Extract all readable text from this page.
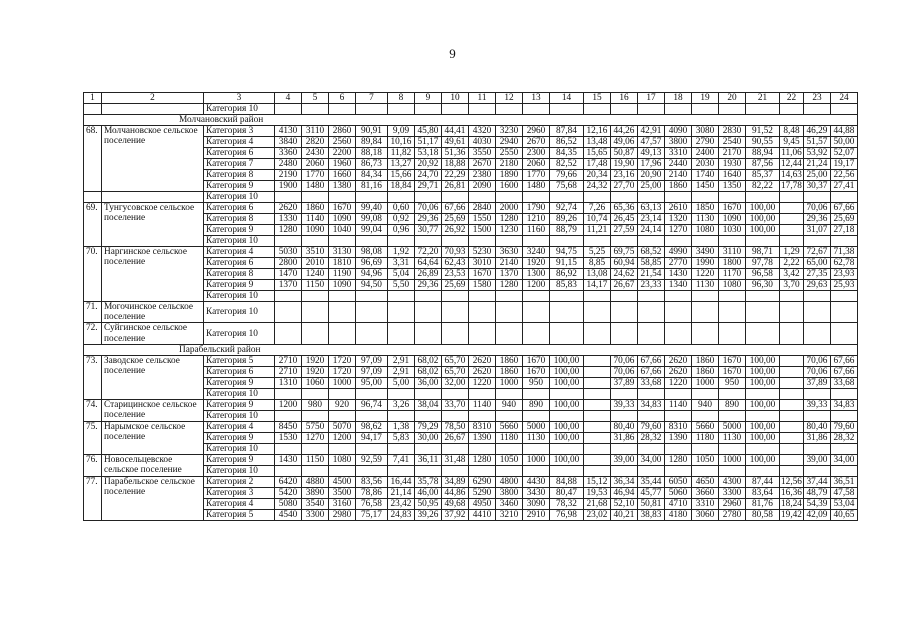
9
1	2	3	4	5	6	7	8	9	10	11	12	13	14	15	16	17	18	19	20	21	22	23	24
		Категория 10																					
Молчановский район																							
68.	Молчановское сельское поселение	Категория 3	4130	3110	2860	90,91	9,09	45,80	44,41	4320	3230	2960	87,84	12,16	44,26	42,91	4090	3080	2830	91,52	8,48	46,29	44,88
		Категория 4	3840	2820	2560	89,84	10,16	51,17	49,61	4030	2940	2670	86,52	13,48	49,06	47,57	3800	2790	2540	90,55	9,45	51,57	50,00
		Категория 6	3360	2430	2200	88,18	11,82	53,18	51,36	3550	2550	2300	84,35	15,65	50,87	49,13	3310	2400	2170	88,94	11,06	53,92	52,07
		Категория 7	2480	2060	1960	86,73	13,27	20,92	18,88	2670	2180	2060	82,52	17,48	19,90	17,96	2440	2030	1930	87,56	12,44	21,24	19,17
		Категория 8	2190	1770	1660	84,34	15,66	24,70	22,29	2380	1890	1770	79,66	20,34	23,16	20,90	2140	1740	1640	85,37	14,63	25,00	22,56
		Категория 9	1900	1480	1380	81,16	18,84	29,71	26,81	2090	1600	1480	75,68	24,32	27,70	25,00	1860	1450	1350	82,22	17,78	30,37	27,41
		Категория 10																					
69.	Тунгусовское сельское поселение	Категория 6	2620	1860	1670	99,40	0,60	70,06	67,66	2840	2000	1790	92,74	7,26	65,36	63,13	2610	1850	1670	100,00		70,06	67,66
		Категория 8	1330	1140	1090	99,08	0,92	29,36	25,69	1550	1280	1210	89,26	10,74	26,45	23,14	1320	1130	1090	100,00		29,36	25,69
		Категория 9	1280	1090	1040	99,04	0,96	30,77	26,92	1500	1230	1160	88,79	11,21	27,59	24,14	1270	1080	1030	100,00		31,07	27,18
		Категория 10																					
70.	Наргинское сельское поселение	Категория 4	5030	3510	3130	98,08	1,92	72,20	70,93	5230	3630	3240	94,75	5,25	69,75	68,52	4990	3490	3110	98,71	1,29	72,67	71,38
		Категория 6	2800	2010	1810	96,69	3,31	64,64	62,43	3010	2140	1920	91,15	8,85	60,94	58,85	2770	1990	1800	97,78	2,22	65,00	62,78
		Категория 8	1470	1240	1190	94,96	5,04	26,89	23,53	1670	1370	1300	86,92	13,08	24,62	21,54	1430	1220	1170	96,58	3,42	27,35	23,93
		Категория 9	1370	1150	1090	94,50	5,50	29,36	25,69	1580	1280	1200	85,83	14,17	26,67	23,33	1340	1130	1080	96,30	3,70	29,63	25,93
		Категория 10																					
71.	Могочинское сельское поселение	Категория 10																					
72.	Суйгинское сельское поселение	Категория 10																					
Парабельский район																							
73.	Заводское сельское поселение	Категория 5	2710	1920	1720	97,09	2,91	68,02	65,70	2620	1860	1670	100,00		70,06	67,66	2620	1860	1670	100,00		70,06	67,66
		Категория 6	2710	1920	1720	97,09	2,91	68,02	65,70	2620	1860	1670	100,00		70,06	67,66	2620	1860	1670	100,00		70,06	67,66
		Категория 9	1310	1060	1000	95,00	5,00	36,00	32,00	1220	1000	950	100,00		37,89	33,68	1220	1000	950	100,00		37,89	33,68
		Категория 10																					
74.	Старицинское сельское поселение	Категория 9	1200	980	920	96,74	3,26	38,04	33,70	1140	940	890	100,00		39,33	34,83	1140	940	890	100,00		39,33	34,83
		Категория 10																					
75.	Нарымское сельское поселение	Категория 4	8450	5750	5070	98,62	1,38	79,29	78,50	8310	5660	5000	100,00		80,40	79,60	8310	5660	5000	100,00		80,40	79,60
		Категория 9	1530	1270	1200	94,17	5,83	30,00	26,67	1390	1180	1130	100,00		31,86	28,32	1390	1180	1130	100,00		31,86	28,32
		Категория 10																					
76.	Новосельцевское сельское поселение	Категория 9	1430	1150	1080	92,59	7,41	36,11	31,48	1280	1050	1000	100,00		39,00	34,00	1280	1050	1000	100,00		39,00	34,00
		Категория 10																					
77.	Парабельское сельское поселение	Категория 2	6420	4880	4500	83,56	16,44	35,78	34,89	6290	4800	4430	84,88	15,12	36,34	35,44	6050	4650	4300	87,44	12,56	37,44	36,51
		Категория 3	5420	3890	3500	78,86	21,14	46,00	44,86	5290	3800	3430	80,47	19,53	46,94	45,77	5060	3660	3300	83,64	16,36	48,79	47,58
		Категория 4	5080	3540	3160	76,58	23,42	50,95	49,68	4950	3460	3090	78,32	21,68	52,10	50,81	4710	3310	2960	81,76	18,24	54,39	53,04
		Категория 5	4540	3300	2980	75,17	24,83	39,26	37,92	4410	3210	2910	76,98	23,02	40,21	38,83	4180	3060	2780	80,58	19,42	42,09	40,65
